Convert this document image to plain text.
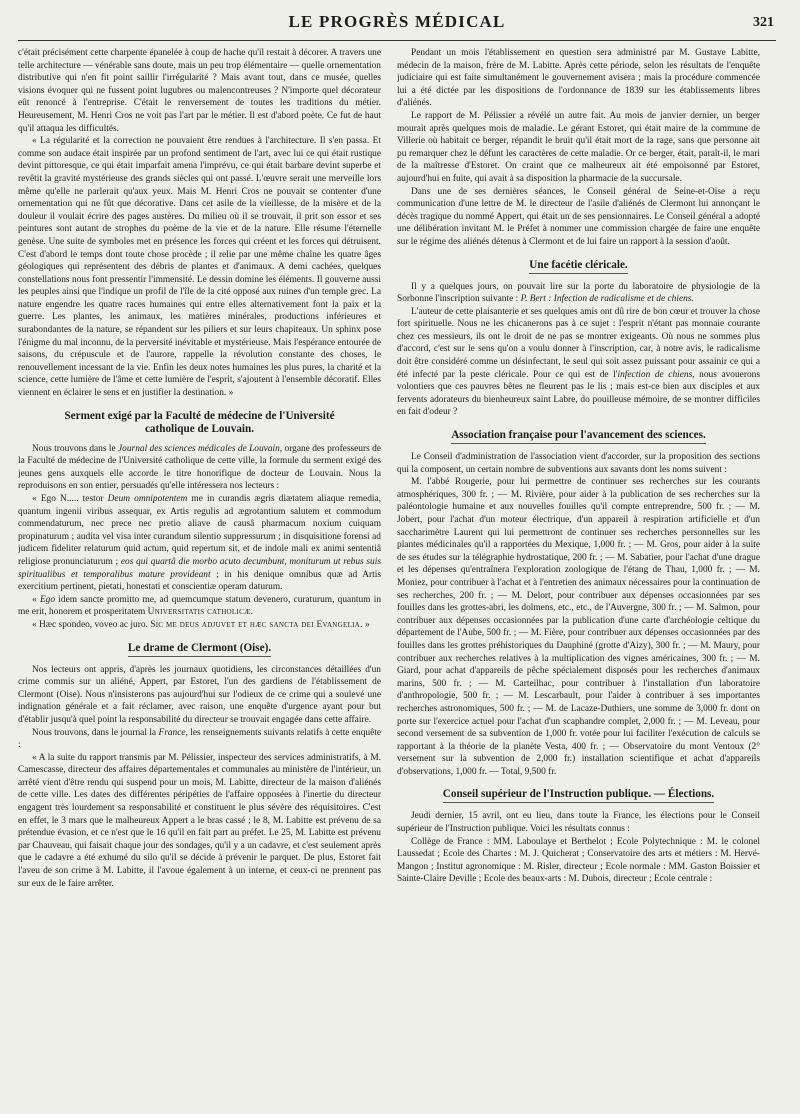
LE PROGRÈS MÉDICAL	321

c'était précisément cette charpente épanelée à coup de hache qu'il restait à décorer. A travers une telle architecture — vénérable sans doute, mais un peu trop élémentaire — quelle ornementation distributive qui n'en fit point saillir l'irrégularité ? Mais avant tout, dans ce musée, quelles visions évoquer qui ne fussent point lugubres ou malencontreuses ? N'importe quel décorateur eût renoncé à l'entreprise. C'était le renversement de toutes les traditions du métier. Heureusement, M. Henri Cros ne voit pas l'art par le métier. Il est d'abord poète. Ce fut de haut qu'il attaqua les difficultés.

« La régularité et la correction ne pouvaient être rendues à l'architecture. Il s'en passa. Et comme son audace était inspirée par un profond sentiment de l'art, avec lui ce qui était rustique devint pittoresque, ce qui était imparfait amena l'imprévu, ce qui était barbare devint superbe et revêtit la gravité mystérieuse des grands siècles qui ont passé. L'œuvre serait une merveille lors même qu'elle ne parlerait qu'aux yeux. Mais M. Henri Cros ne pouvait se contenter d'une ornementation qui ne fût que décorative. Dans cet asile de la vieillesse, de la misère et de la douleur il voulait écrire des pages austères. Du milieu où il se trouvait, il prit son essor et ses peintures sont autant de strophes du poème de la vie et de la nature. Elle résume l'éternelle genèse. Une suite de symboles met en présence les forces qui créent et les forces qui détruisent. C'est d'abord le temps dont toute chose procède ; il relie par une même chaîne les quatre âges géologiques qui représentent des débris de plantes et d'animaux. A demi cachées, quelques constellations nous font pressentir l'immensité. Le dessin domine les éléments. Il gouverne aussi les peuples ainsi que l'indique un profil de l'île de la cité opposé aux ruines d'un temple grec. La nature engendre les quatre races humaines qui entre elles alternativement font la paix et la guerre. Les plantes, les animaux, les matières minérales, productions inférieures et surabondantes de la nature, se répandent sur les piliers et sur leurs chapiteaux. Un sphinx pose l'énigme du mal inconnu, de la perversité inévitable et mystérieuse. Mais l'espérance entourée de saisons, du crépuscule et de l'aurore, rappelle la révolution constante des choses, le renouvellement incessant de la vie. Enfin les deux notes humaines les plus pures, la charité et la science, cette lumière de l'âme et cette lumière de l'esprit, s'ajoutent à l'ensemble décoratif. Elles viennent en éclairer le sens et en justifier la destination. »

Serment exigé par la Faculté de médecine de l'Université
catholique de Louvain.

Nous trouvons dans le Journal des sciences médicales de Louvain, organe des professeurs de la Faculté de médecine de l'Université catholique de cette ville, la formule du serment exigé des jeunes gens auxquels elle accorde le titre honorifique de docteur de Louvain. Nous la reproduisons en son entier, persuadés qu'elle intéressera nos lecteurs :

« Ego N..... testor Deum omnipotentem me in curandis ægris diætatem aliaque remedia, quantum ingenii viribus assequar, ex Artis regulis ad ægrotantium salutem et commodum commendaturum, nec prece nec pretio aliave de causâ pharmacum noxium cuiquam propinaturum ; audita vel visa inter curandum silentio suppressurum ; in disquisitione forensi ad judicem fideliter relaturum quid actum, quid repertum sit, et de indole mali ex animi sententiâ religiose pronunciaturum ; eos qui quartâ die morbo acuto decumbunt, moniturum ut rebus suis spiritualibus et temporalibus mature provideant ; in his denique omnibus quæ ad Artis exercitium pertinent, pietati, honestati et conscientiæ operam daturum.

« Ego idem sancte promitto me, ad quemcumque statum devenero, curaturum, quantum in me erit, honorem et prosperitatem Universitatis catholicæ.

« Hæc spondeo, voveo ac juro. Sic me deus adjuvet et hæc sancta dei Evangelia. »

Le drame de Clermont (Oise).

Nos lecteurs ont appris, d'après les journaux quotidiens, les circonstances détaillées d'un crime commis sur un aliéné, Appert, par Estoret, l'un des gardiens de l'établissement de Clermont (Oise). Nous n'insisterons pas aujourd'hui sur l'odieux de ce crime qui a soulevé une indignation générale et a fait réclamer, avec raison, une enquête d'urgence ayant pour but d'établir jusqu'à quel point la responsabilité du directeur se trouvait engagée dans cette affaire.

Nous trouvons, dans le journal la France, les renseignements suivants relatifs à cette enquête :

« A la suite du rapport transmis par M. Pélissier, inspecteur des services administratifs, à M. Camescasse, directeur des affaires départementales et communales au ministère de l'intérieur, un arrêté vient d'être rendu qui suspend pour un mois, M. Labitte, directeur de la maison d'aliénés de cette ville. Les dates des différentes péripéties de l'affaire opposées à l'inertie du directeur engagent très lourdement sa responsabilité et constituent le plus sévère des réquisitoires. C'est en effet, le 3 mars que le malheureux Appert a le bras cassé ; le 8, M. Labitte est prévenu de sa prétendue évasion, et ce n'est que le 16 qu'il en fait part au préfet. Le 25, M. Labitte est prévenu par Chauveau, qui faisait chaque jour des sondages, qu'il y a un cadavre, et c'est seulement après que le cadavre a été exhumé du silo qu'il se décide à prévenir le parquet. De plus, Estoret fait l'aveu de son crime à M. Labitte, il l'avoue également à un interne, et ceux-ci ne prennent pas sur eux de le faire arrêter.

Pendant un mois l'établissement en question sera administré par M. Gustave Labitte, médecin de la maison, frère de M. Labitte. Après cette période, selon les résultats de l'enquête judiciaire qui est faite simultanément le gouvernement avisera ; mais la procédure commencée lui a été dictée par les dispositions de l'ordonnance de 1839 sur les établissements libres d'aliénés.

Le rapport de M. Pélissier a révélé un autre fait. Au mois de janvier dernier, un berger mourait après quelques mois de maladie. Le gérant Estoret, qui était maire de la commune de Villerie où habitait ce berger, répandit le bruit qu'il était mort de la rage, sans que personne ait pu remarquer chez le défunt les caractères de cette maladie. Or ce berger, était, paraît-il, le mari de la maîtresse d'Estoret. On craint que ce malheureux ait été empoisonné par Estoret, aujourd'hui en fuite, qui avait à sa disposition la pharmacie de la succursale.

Dans une de ses dernières séances, le Conseil général de Seine-et-Oise a reçu communication d'une lettre de M. le directeur de l'asile d'aliénés de Clermont lui annonçant le décès tragique du nommé Appert, qui était un de ses pensionnaires. Le Conseil général a adopté une délibération invitant M. le Préfet à nommer une commission chargée de faire une enquête sur le régime des aliénés détenus à Clermont et de lui faire un rapport à la session d'août.

Une facétie cléricale.

Il y a quelques jours, on pouvait lire sur la porte du laboratoire de physiologie de la Sorbonne l'inscription suivante : P. Bert : Infection de radicalisme et de chiens.

L'auteur de cette plaisanterie et ses quelques amis ont dû rire de bon cœur et trouver la chose fort spirituelle. Nous ne les chicanerons pas à ce sujet : l'esprit n'étant pas monnaie courante chez ces messieurs, ils ont le droit de ne pas se montrer exigeants. Où nous ne sommes plus d'accord, c'est sur le sens qu'on a voulu donner à l'inscription, car, à notre avis, le radicalisme doit être considéré comme un désinfectant, le seul qui soit assez puissant pour assainir ce qui a été infecté par la peste cléricale. Pour ce qui est de l'infection de chiens, nous avouerons volontiers que ces pauvres bêtes ne fleurent pas le lis ; mais est-ce bien aux disciples et aux fervents adorateurs du bienheureux saint Labre, do pouilleuse mémoire, de se montrer difficiles en fait d'odeur ?

Association française pour l'avancement des sciences.

Le Conseil d'administration de l'association vient d'accorder, sur la proposition des sections qui la composent, un certain nombre de subventions aux savants dont les noms suivent :

M. l'abbé Rougerie, pour lui permettre de continuer ses recherches sur les courants atmosphériques, 300 fr. ; — M. Rivière, pour aider à la publication de ses recherches sur la paléontologie humaine et aux nouvelles fouilles qu'il compte entreprendre, 500 fr. ; — M. Jobert, pour l'achat d'un moteur électrique, d'un appareil à respiration artificielle et d'un saccharimètre Laurent qui lui permettront de continuer ses recherches personnelles sur les plantes médicinales qu'il a rapportées du Mexique, 1,000 fr. ; — M. Gros, pour aider à la suite de ses études sur la télégraphie hydrostatique, 200 fr. ; — M. Sabatier, pour l'achat d'une drague et les dépenses qu'entraînera l'exploration zoologique de l'étang de Thau, 1,000 fr. ; — M. Moniez, pour contribuer à l'achat et à l'entretien des animaux nécessaires pour la continuation de ses recherches, 200 fr. ; — M. Delort, pour contribuer aux dépenses occasionnées par ses fouilles dans les grottes-abri, les dolmens, etc., etc., de l'Auvergne, 300 fr. ; — M. Salmon, pour contribuer aux dépenses occasionnées par la publication d'une carte d'archéologie celtique du département de l'Aube, 500 fr. ; — M. Fière, pour contribuer aux dépenses occasionnées par des fouilles dans les grottes préhistoriques du Dauphiné (grotte d'Aizy), 300 fr. ; — M. Maury, pour contribuer aux recherches relatives à la multiplication des vignes américaines, 300 fr. ; — M. Giard, pour achat d'appareils de pêche spécialement disposés pour les recherches d'animaux marins, 500 fr. ; — M. Carteilhac, pour contribuer à l'installation d'un laboratoire d'anthropologie, 500 fr. ; — M. Lescarbault, pour l'aider à contribuer à ses importantes recherches astronomiques, 500 fr. ; — M. de Lacaze-Duthiers, une somme de 3,000 fr. dont on porte sur l'exercice actuel pour l'achat d'un scaphandre complet, 2,000 fr. ; — M. Leveau, pour second versement de sa subvention de 1,000 fr. votée pour lui faciliter l'exécution de calculs se rapportant à la théorie de la planète Vesta, 400 fr. ; — Observatoire du mont Ventoux (2° versement sur la subvention de 2,000 fr.) installation scientifique et achat d'appareils d'observations, 1,000 fr. — Total, 9,500 fr.

Conseil supérieur de l'Instruction publique. — Élections.

Jeudi dernier, 15 avril, ont eu lieu, dans toute la France, les élections pour le Conseil supérieur de l'Instruction publique. Voici les résultats connus :

Collège de France : MM. Laboulaye et Berthelot ; Ecole Polytechnique : M. le colonel Laussedat ; Ecole des Chartes : M. J. Quicherat ; Conservatoire des arts et métiers : M. Hervé-Mangon ; Institut agronomique : M. Risler, directeur ; Ecole normale : MM. Gaston Boissier et Sainte-Claire Deville ; Ecole des beaux-arts : M. Dubois, directeur ; Ecole centrale :
